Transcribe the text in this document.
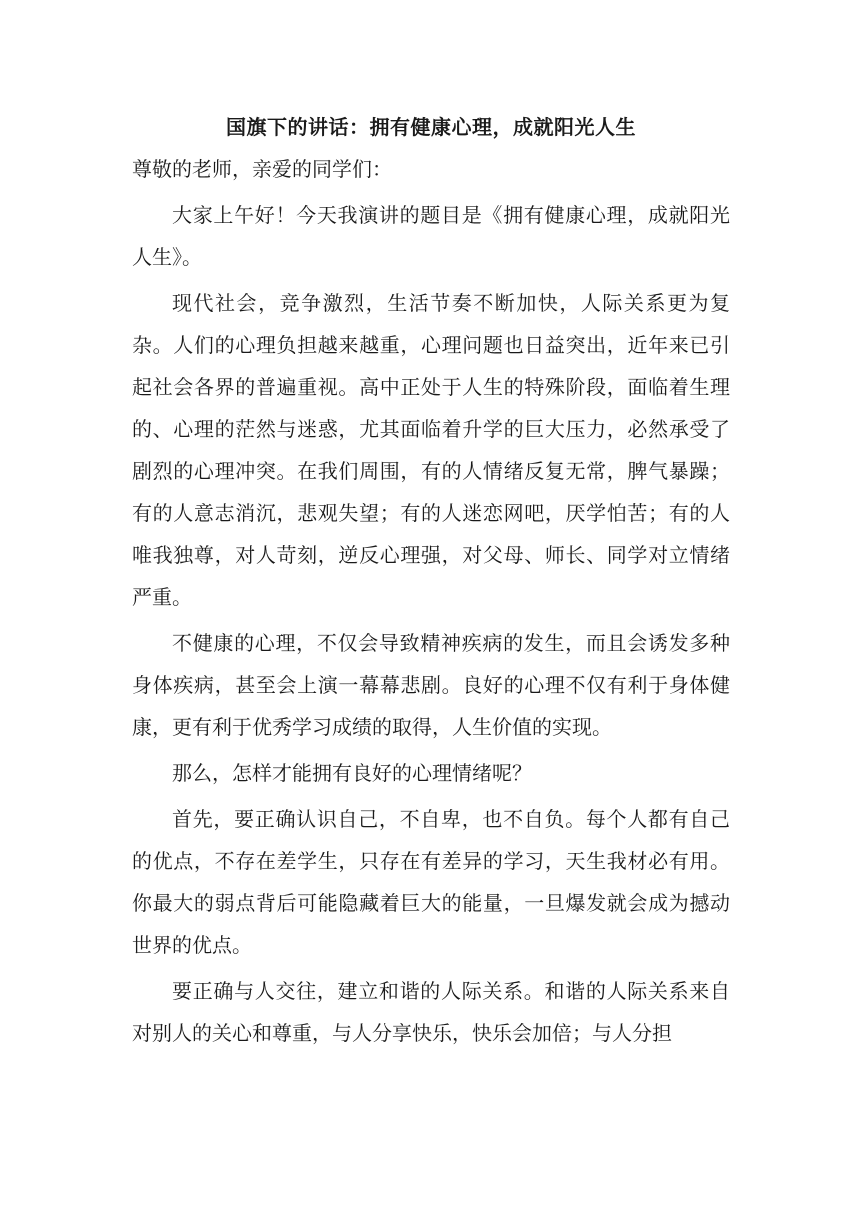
国旗下的讲话：拥有健康心理，成就阳光人生

尊敬的老师，亲爱的同学们：

大家上午好！今天我演讲的题目是《拥有健康心理，成就阳光人生》。

现代社会，竞争激烈，生活节奏不断加快，人际关系更为复杂。人们的心理负担越来越重，心理问题也日益突出，近年来已引起社会各界的普遍重视。高中正处于人生的特殊阶段，面临着生理的、心理的茫然与迷惑，尤其面临着升学的巨大压力，必然承受了剧烈的心理冲突。在我们周围，有的人情绪反复无常，脾气暴躁；有的人意志消沉，悲观失望；有的人迷恋网吧，厌学怕苦；有的人唯我独尊，对人苛刻，逆反心理强，对父母、师长、同学对立情绪严重。

不健康的心理，不仅会导致精神疾病的发生，而且会诱发多种身体疾病，甚至会上演一幕幕悲剧。良好的心理不仅有利于身体健康，更有利于优秀学习成绩的取得，人生价值的实现。

那么，怎样才能拥有良好的心理情绪呢？

首先，要正确认识自己，不自卑，也不自负。每个人都有自己的优点，不存在差学生，只存在有差异的学习，天生我材必有用。你最大的弱点背后可能隐藏着巨大的能量，一旦爆发就会成为撼动世界的优点。

要正确与人交往，建立和谐的人际关系。和谐的人际关系来自对别人的关心和尊重，与人分享快乐，快乐会加倍；与人分担
